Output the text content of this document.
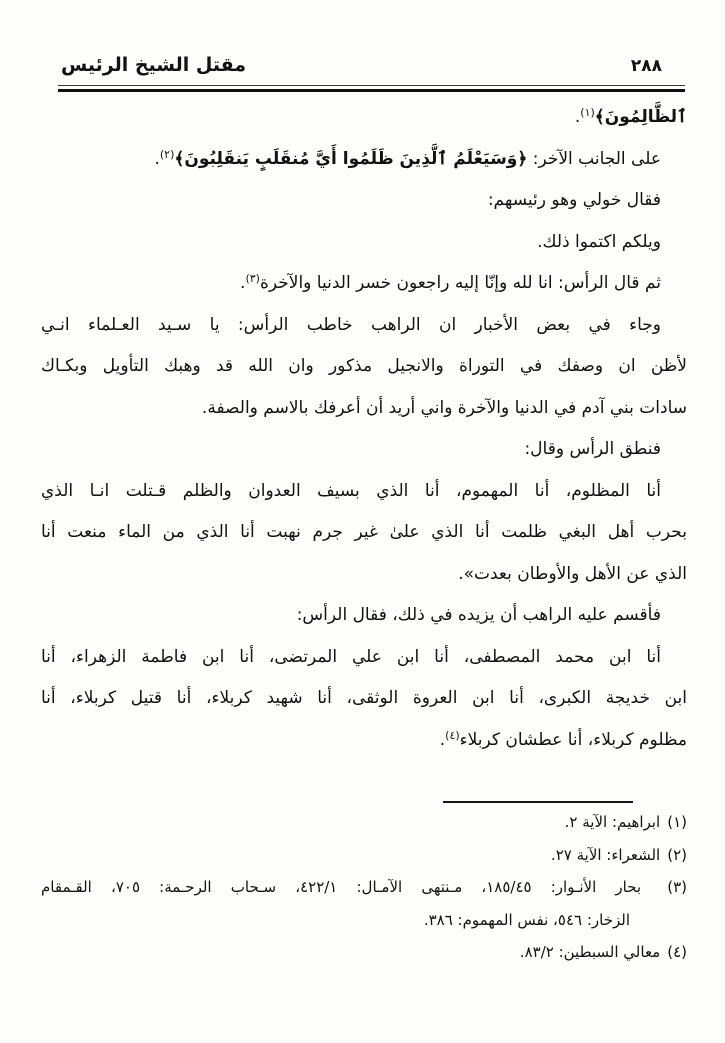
مقتل الشيخ الرئيس	٢٨٨
ٱلظَّالِمُونَ﴾$^{(١)}$.
على الجانب الآخر: ﴿وَسَيَعْلَمُ ٱلَّذِينَ ظَلَمُوا أَيَّ مُنقَلَبٍ يَنقَلِبُونَ﴾$^{(٢)}$.
فقال خولي وهو رئيسهم:
ويلكم اكتموا ذلك.
ثم قال الرأس: انا لله وإنّا إليه راجعون خسر الدنيا والآخرة$^{(٣)}$.
وجاء في بعض الأخبار ان الراهب خاطب الرأس: يا سـيد العـلماء انـي
لأظن ان وصفك في التوراة والانجيل مذكور وان الله قد وهبك التأويل وبكـاك
سادات بني آدم في الدنيا والآخرة واني أريد أن أعرفك بالاسم والصفة.
فنطق الرأس وقال:
أنا المظلوم، أنا المهموم، أنا الذي بسيف العدوان والظلم قـتلت انـا الذي
بحرب أهل البغي ظلمت أنا الذي علىٰ غير جرم نهبت أنا الذي من الماء منعت أنا
الذي عن الأهل والأوطان بعدت».
فأقسم عليه الراهب أن يزيده في ذلك، فقال الرأس:
أنا ابن محمد المصطفى، أنا ابن علي المرتضى، أنا ابن فاطمة الزهراء، أنا
ابن خديجة الكبرى، أنا ابن العروة الوثقى، أنا شهيد كربلاء، أنا قتيل كربلاء، أنا
مظلوم كربلاء، أنا عطشان كربلاء$^{(٤)}$.
(١)ابراهيم: الآية ٢.
(٢)الشعراء: الآية ٢٧.
(٣) بحار الأنـوار: ١٨٥/٤٥، مـنتهى الآمـال: ٤٢٢/١، سـحاب الرحـمة: ٧٠٥، القـمقام
الزخار: ٥٤٦، نفس المهموم: ٣٨٦.
(٤)معالي السبطين: ٨٣/٢.
